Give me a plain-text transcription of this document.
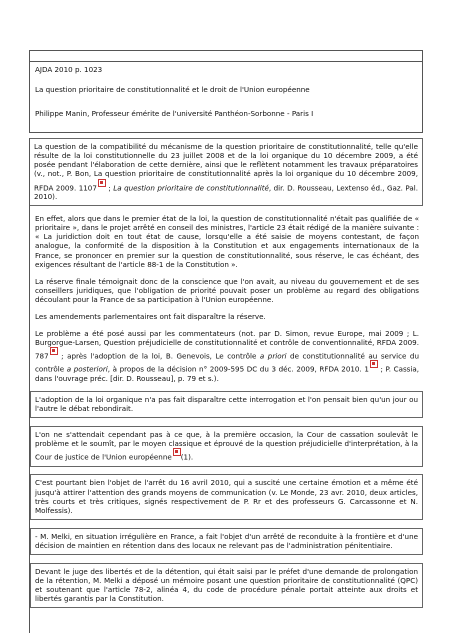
AJDA 2010 p. 1023

La question prioritaire de constitutionnalité et le droit de l'Union européenne

Philippe Manin, Professeur émérite de l'université Panthéon-Sorbonne - Paris I

La question de la compatibilité du mécanisme de la question prioritaire de constitutionnalité, telle qu'elle résulte de la loi constitutionnelle du 23 juillet 2008 et de la loi organique du 10 décembre 2009, a été posée pendant l'élaboration de cette dernière, ainsi que le reflètent notamment les travaux préparatoires (v., not., P. Bon, La question prioritaire de constitutionnalité après la loi organique du 10 décembre 2009, RFDA 2009. 1107 ; La question prioritaire de constitutionnalité, dir. D. Rousseau, Lextenso éd., Gaz. Pal. 2010).

En effet, alors que dans le premier état de la loi, la question de constitutionnalité n'était pas qualifiée de « prioritaire », dans le projet arrêté en conseil des ministres, l'article 23 était rédigé de la manière suivante : « La juridiction doit en tout état de cause, lorsqu'elle a été saisie de moyens contestant, de façon analogue, la conformité de la disposition à la Constitution et aux engagements internationaux de la France, se prononcer en premier sur la question de constitutionnalité, sous réserve, le cas échéant, des exigences résultant de l'article 88-1 de la Constitution ».

La réserve finale témoignait donc de la conscience que l'on avait, au niveau du gouvernement et de ses conseillers juridiques, que l'obligation de priorité pouvait poser un problème au regard des obligations découlant pour la France de sa participation à l'Union européenne.

Les amendements parlementaires ont fait disparaître la réserve.

Le problème a été posé aussi par les commentateurs (not. par D. Simon, revue Europe, mai 2009 ; L. Burgorgue-Larsen, Question préjudicielle de constitutionnalité et contrôle de conventionnalité, RFDA 2009. 787 ; après l'adoption de la loi, B. Genevois, Le contrôle a priori de constitutionnalité au service du contrôle a posteriori, à propos de la décision n° 2009-595 DC du 3 déc. 2009, RFDA 2010. 1 ; P. Cassia, dans l'ouvrage préc. [dir. D. Rousseau], p. 79 et s.).

L'adoption de la loi organique n'a pas fait disparaître cette interrogation et l'on pensait bien qu'un jour ou l'autre le débat rebondirait.

L'on ne s'attendait cependant pas à ce que, à la première occasion, la Cour de cassation soulevât le problème et le soumît, par le moyen classique et éprouvé de la question préjudicielle d'interprétation, à la Cour de justice de l'Union européenne (1).

C'est pourtant bien l'objet de l'arrêt du 16 avril 2010, qui a suscité une certaine émotion et a même été jusqu'à attirer l'attention des grands moyens de communication (v. Le Monde, 23 avr. 2010, deux articles, très courts et très critiques, signés respectivement de P. Rr et des professeurs G. Carcassonne et N. Molfessis).

- M. Melki, en situation irrégulière en France, a fait l'objet d'un arrêté de reconduite à la frontière et d'une décision de maintien en rétention dans des locaux ne relevant pas de l'administration pénitentiaire.

Devant le juge des libertés et de la détention, qui était saisi par le préfet d'une demande de prolongation de la rétention, M. Melki a déposé un mémoire posant une question prioritaire de constitutionnalité (QPC) et soutenant que l'article 78-2, alinéa 4, du code de procédure pénale portait atteinte aux droits et libertés garantis par la Constitution.
